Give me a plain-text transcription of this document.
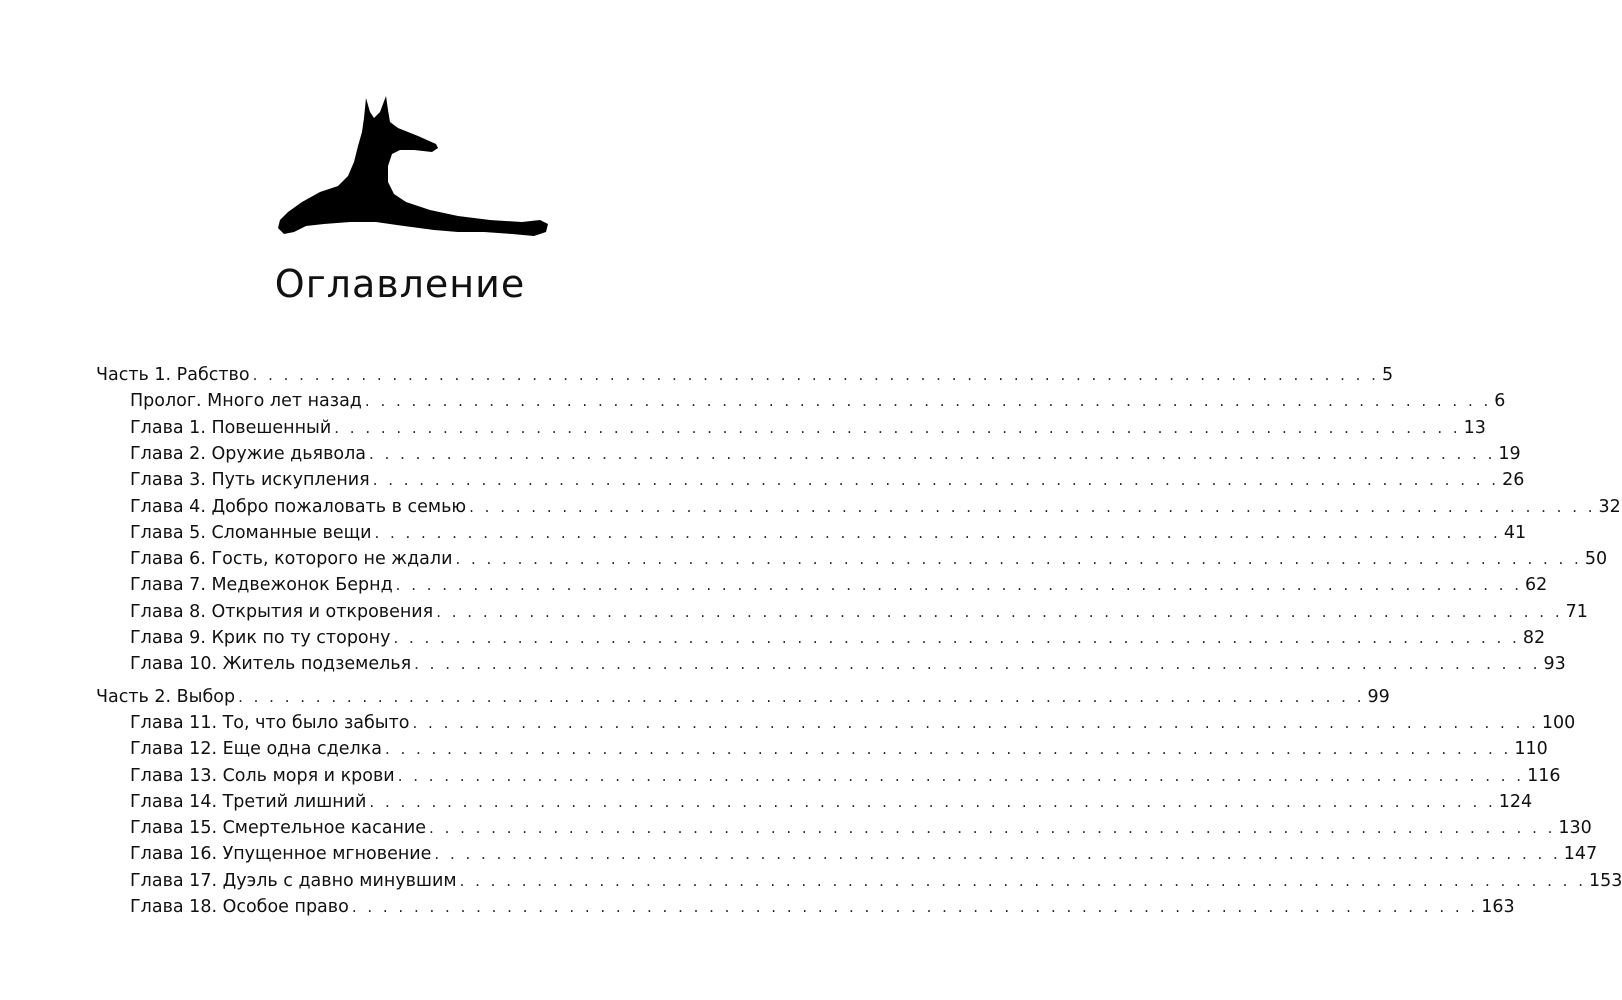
Оглавление
Часть 1. Рабство . . . . . . . . . . . . . . . . . . . . . . . . . . . . . . . . . . . . . . . . . . . . . . . . . . . . . . . . . . . . . . . . . . . . . . . . . 5
Пролог. Много лет назад . . . . . . . . . . . . . . . . . . . . . . . . . . . . . . . . . . . . . . . . . . . . . . . . . . . . . . . . . . . . . . . . . . . . . . . . . 6
Глава 1. Повешенный . . . . . . . . . . . . . . . . . . . . . . . . . . . . . . . . . . . . . . . . . . . . . . . . . . . . . . . . . . . . . . . . . . . . . . . . . 13
Глава 2. Оружие дьявола . . . . . . . . . . . . . . . . . . . . . . . . . . . . . . . . . . . . . . . . . . . . . . . . . . . . . . . . . . . . . . . . . . . . . . . . . 19
Глава 3. Путь искупления . . . . . . . . . . . . . . . . . . . . . . . . . . . . . . . . . . . . . . . . . . . . . . . . . . . . . . . . . . . . . . . . . . . . . . . . . 26
Глава 4. Добро пожаловать в семью . . . . . . . . . . . . . . . . . . . . . . . . . . . . . . . . . . . . . . . . . . . . . . . . . . . . . . . . . . . . . . . . . . . . . . . . . 32
Глава 5. Сломанные вещи . . . . . . . . . . . . . . . . . . . . . . . . . . . . . . . . . . . . . . . . . . . . . . . . . . . . . . . . . . . . . . . . . . . . . . . . . 41
Глава 6. Гость, которого не ждали . . . . . . . . . . . . . . . . . . . . . . . . . . . . . . . . . . . . . . . . . . . . . . . . . . . . . . . . . . . . . . . . . . . . . . . . . 50
Глава 7. Медвежонок Бернд . . . . . . . . . . . . . . . . . . . . . . . . . . . . . . . . . . . . . . . . . . . . . . . . . . . . . . . . . . . . . . . . . . . . . . . . . 62
Глава 8. Открытия и откровения . . . . . . . . . . . . . . . . . . . . . . . . . . . . . . . . . . . . . . . . . . . . . . . . . . . . . . . . . . . . . . . . . . . . . . . . . 71
Глава 9. Крик по ту сторону . . . . . . . . . . . . . . . . . . . . . . . . . . . . . . . . . . . . . . . . . . . . . . . . . . . . . . . . . . . . . . . . . . . . . . . . . 82
Глава 10. Житель подземелья . . . . . . . . . . . . . . . . . . . . . . . . . . . . . . . . . . . . . . . . . . . . . . . . . . . . . . . . . . . . . . . . . . . . . . . . . 93
Часть 2. Выбор . . . . . . . . . . . . . . . . . . . . . . . . . . . . . . . . . . . . . . . . . . . . . . . . . . . . . . . . . . . . . . . . . . . . . . . . . 99
Глава 11. То, что было забыто . . . . . . . . . . . . . . . . . . . . . . . . . . . . . . . . . . . . . . . . . . . . . . . . . . . . . . . . . . . . . . . . . . . . . . . . . 100
Глава 12. Еще одна сделка . . . . . . . . . . . . . . . . . . . . . . . . . . . . . . . . . . . . . . . . . . . . . . . . . . . . . . . . . . . . . . . . . . . . . . . . . 110
Глава 13. Соль моря и крови . . . . . . . . . . . . . . . . . . . . . . . . . . . . . . . . . . . . . . . . . . . . . . . . . . . . . . . . . . . . . . . . . . . . . . . . . 116
Глава 14. Третий лишний . . . . . . . . . . . . . . . . . . . . . . . . . . . . . . . . . . . . . . . . . . . . . . . . . . . . . . . . . . . . . . . . . . . . . . . . . 124
Глава 15. Смертельное касание . . . . . . . . . . . . . . . . . . . . . . . . . . . . . . . . . . . . . . . . . . . . . . . . . . . . . . . . . . . . . . . . . . . . . . . . . 130
Глава 16. Упущенное мгновение . . . . . . . . . . . . . . . . . . . . . . . . . . . . . . . . . . . . . . . . . . . . . . . . . . . . . . . . . . . . . . . . . . . . . . . . . 147
Глава 17. Дуэль с давно минувшим . . . . . . . . . . . . . . . . . . . . . . . . . . . . . . . . . . . . . . . . . . . . . . . . . . . . . . . . . . . . . . . . . . . . . . . . . 153
Глава 18. Особое право . . . . . . . . . . . . . . . . . . . . . . . . . . . . . . . . . . . . . . . . . . . . . . . . . . . . . . . . . . . . . . . . . . . . . . . . . 163
